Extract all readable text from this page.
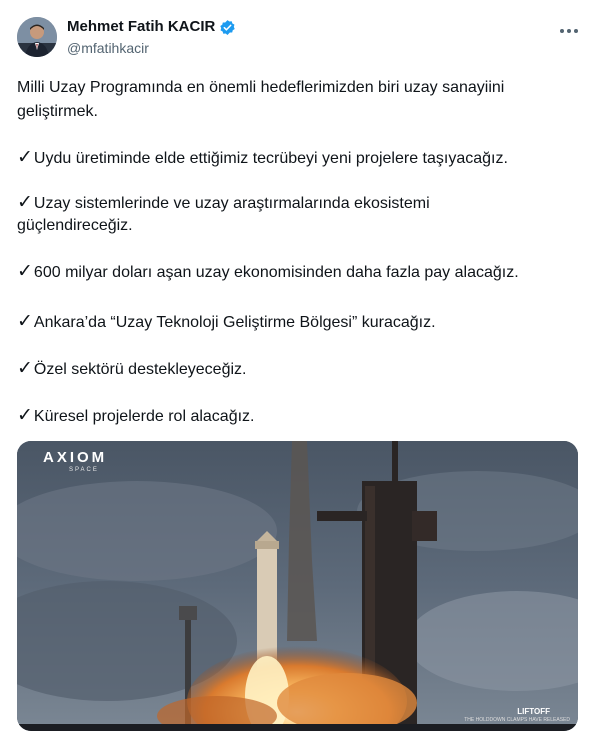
Mehmet Fatih KACIR
@mfatihkacir
Milli Uzay Programında en önemli hedeflerimizden biri uzay sanayiini
geliştirmek.
✓Uydu üretiminde elde ettiğimiz tecrübeyi yeni projelere taşıyacağız.
✓Uzay sistemlerinde ve uzay araştırmalarında ekosistemi
güçlendireceğiz.
✓600 milyar doları aşan uzay ekonomisinden daha fazla pay alacağız.
✓Ankara’da “Uzay Teknoloji Geliştirme Bölgesi” kuracağız.
✓Özel sektörü destekleyeceğiz.
✓Küresel projelerde rol alacağız.
AXIOM
SPACE
LIFTOFF
THE HOLDDOWN CLAMPS HAVE RELEASED
